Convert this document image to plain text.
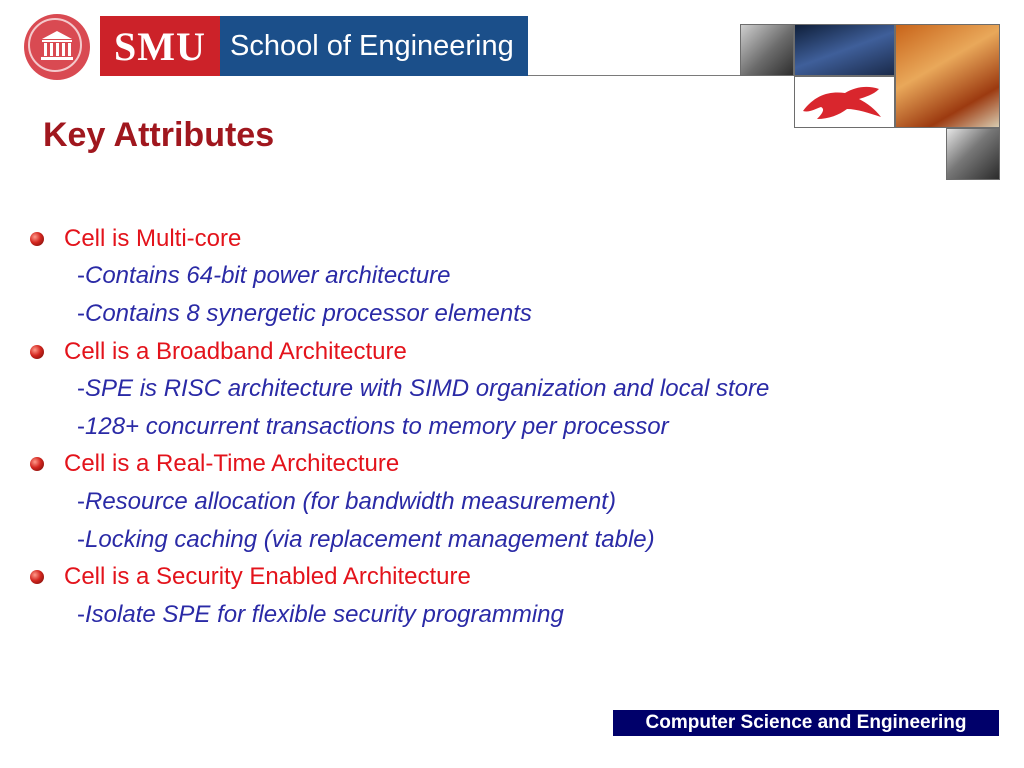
SMU School of Engineering
Key Attributes
Cell is Multi-core
-Contains 64-bit power architecture
-Contains 8 synergetic processor elements
Cell is a Broadband Architecture
-SPE is RISC architecture with SIMD organization and local store
-128+ concurrent transactions to memory per processor
Cell is a Real-Time Architecture
-Resource allocation (for bandwidth measurement)
-Locking caching (via replacement management table)
Cell is a Security Enabled Architecture
-Isolate SPE for flexible security programming
Computer Science and Engineering
